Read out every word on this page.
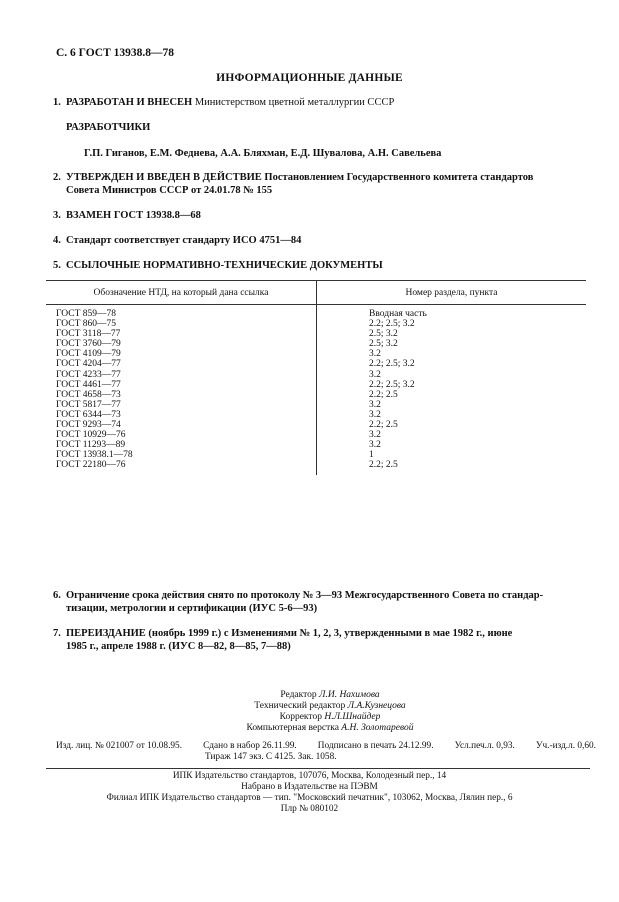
С. 6 ГОСТ 13938.8—78
ИНФОРМАЦИОННЫЕ ДАННЫЕ
1. РАЗРАБОТАН И ВНЕСЕН Министерством цветной металлургии СССР
РАЗРАБОТЧИКИ
Г.П. Гиганов, Е.М. Феднева, А.А. Бляхман, Е.Д. Шувалова, А.Н. Савельева
2. УТВЕРЖДЕН И ВВЕДЕН В ДЕЙСТВИЕ Постановлением Государственного комитета стандартов
Совета Министров СССР от 24.01.78 № 155
3. ВЗАМЕН ГОСТ 13938.8—68
4. Стандарт соответствует стандарту ИСО 4751—84
5. ССЫЛОЧНЫЕ НОРМАТИВНО-ТЕХНИЧЕСКИЕ ДОКУМЕНТЫ
Обозначение НТД, на который дана ссылка	Номер раздела, пункта
ГОСТ 859—78	Вводная часть
ГОСТ 860—75	2.2; 2.5; 3.2
ГОСТ 3118—77	2.5; 3.2
ГОСТ 3760—79	2.5; 3.2
ГОСТ 4109—79	3.2
ГОСТ 4204—77	2.2; 2.5; 3.2
ГОСТ 4233—77	3.2
ГОСТ 4461—77	2.2; 2.5; 3.2
ГОСТ 4658—73	2.2; 2.5
ГОСТ 5817—77	3.2
ГОСТ 6344—73	3.2
ГОСТ 9293—74	2.2; 2.5
ГОСТ 10929—76	3.2
ГОСТ 11293—89	3.2
ГОСТ 13938.1—78	1
ГОСТ 22180—76	2.2; 2.5
6. Ограничение срока действия снято по протоколу № 3—93 Межгосударственного Совета по стандар-
тизации, метрологии и сертификации (ИУС 5-6—93)
7. ПЕРЕИЗДАНИЕ (ноябрь 1999 г.) с Изменениями № 1, 2, 3, утвержденными в мае 1982 г., июне
1985 г., апреле 1988 г. (ИУС 8—82, 8—85, 7—88)
Редактор Л.И. Нахимова
Технический редактор Л.А.Кузнецова
Корректор Н.Л.Шнайдер
Компьютерная верстка А.Н. Золотаревой
Изд. лиц. № 021007 от 10.08.95. Сдано в набор 26.11.99. Подписано в печать 24.12.99. Усл.печ.л. 0,93. Уч.-изд.л. 0,60.
Тираж 147 экз. С 4125. Зак. 1058.
ИПК Издательство стандартов, 107076, Москва, Колодезный пер., 14
Набрано в Издательстве на ПЭВМ
Филиал ИПК Издательство стандартов — тип. "Московский печатник", 103062, Москва, Лялин пер., 6
Плр № 080102
